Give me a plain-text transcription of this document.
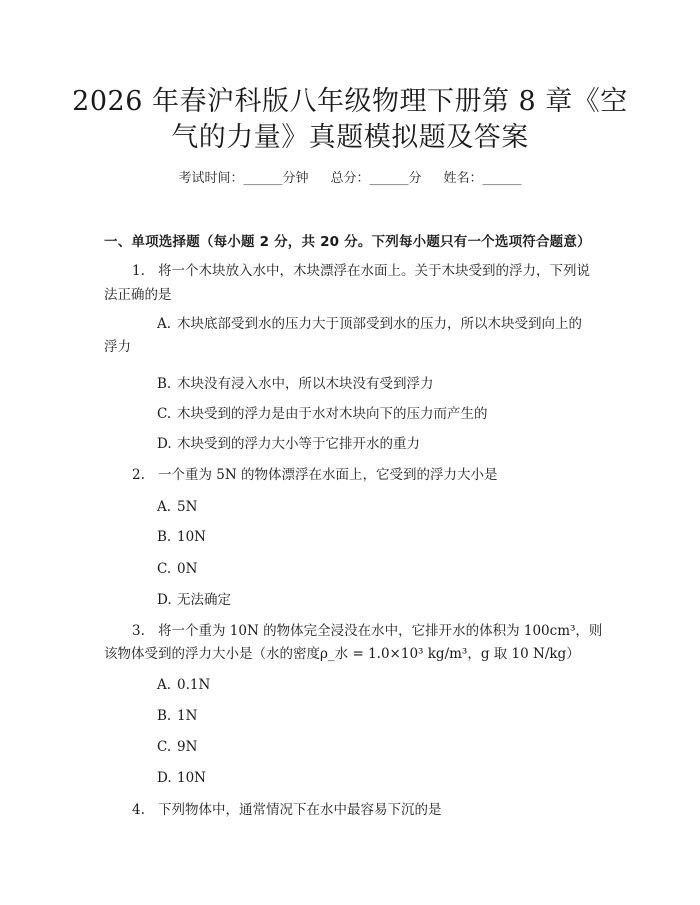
2026 年春沪科版八年级物理下册第 8 章《空
气的力量》真题模拟题及答案
考试时间：______分钟 总分：______分 姓名：______
一、单项选择题（每小题 2 分，共 20 分。下列每小题只有一个选项符合题意）
1. 将一个木块放入水中，木块漂浮在水面上。关于木块受到的浮力，下列说
法正确的是
A. 木块底部受到水的压力大于顶部受到水的压力，所以木块受到向上的
浮力
B. 木块没有浸入水中，所以木块没有受到浮力
C. 木块受到的浮力是由于水对木块向下的压力而产生的
D. 木块受到的浮力大小等于它排开水的重力
2. 一个重为 5N 的物体漂浮在水面上，它受到的浮力大小是
A. 5N
B. 10N
C. 0N
D. 无法确定
3. 将一个重为 10N 的物体完全浸没在水中，它排开水的体积为 100cm³，则
该物体受到的浮力大小是（水的密度ρ_水 = 1.0×10³ kg/m³，g 取 10 N/kg）
A. 0.1N
B. 1N
C. 9N
D. 10N
4. 下列物体中，通常情况下在水中最容易下沉的是
